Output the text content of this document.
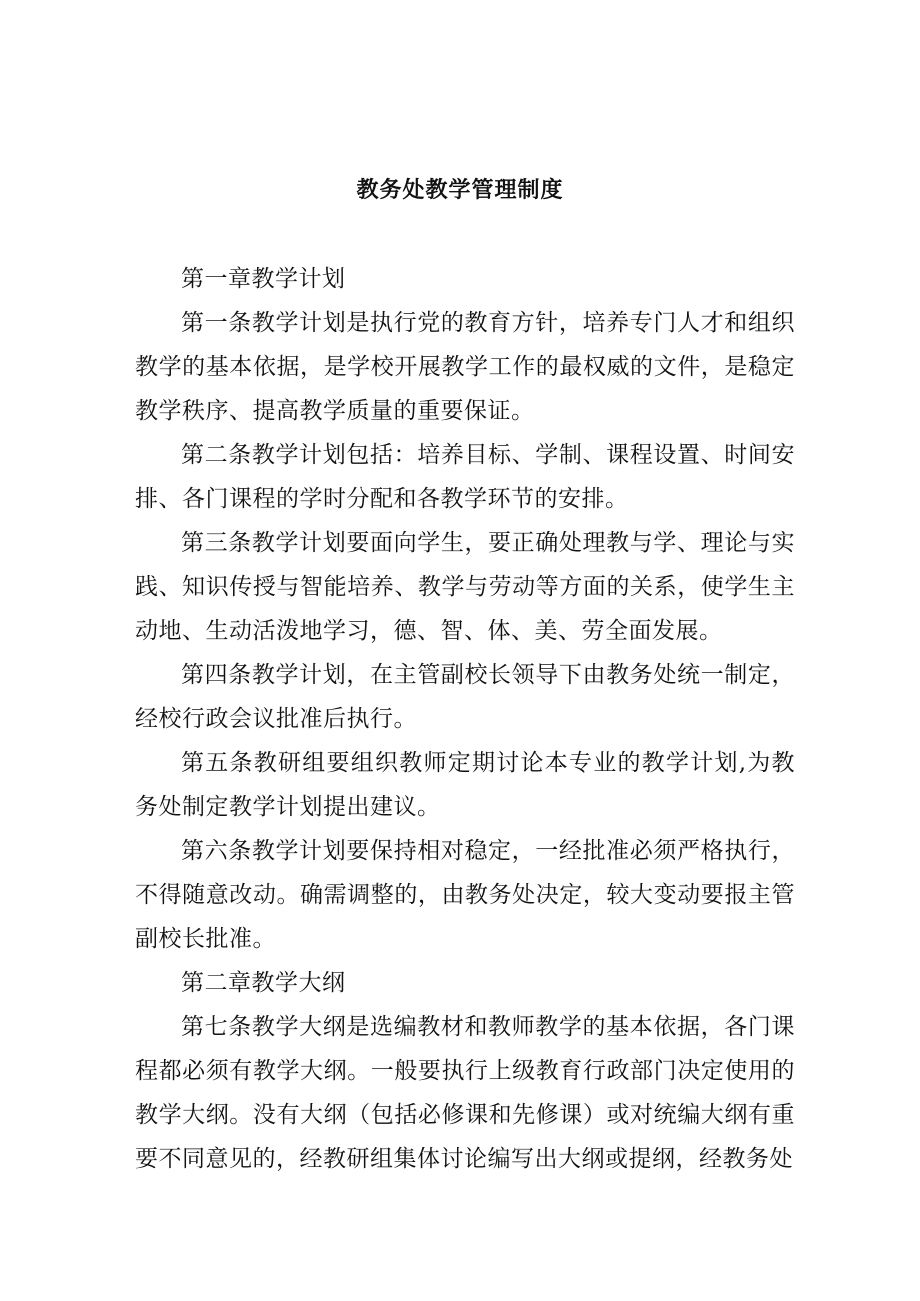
教务处教学管理制度

第一章教学计划

第一条教学计划是执行党的教育方针，培养专门人才和组织教学的基本依据，是学校开展教学工作的最权威的文件，是稳定教学秩序、提高教学质量的重要保证。

第二条教学计划包括：培养目标、学制、课程设置、时间安排、各门课程的学时分配和各教学环节的安排。

第三条教学计划要面向学生，要正确处理教与学、理论与实践、知识传授与智能培养、教学与劳动等方面的关系，使学生主动地、生动活泼地学习，德、智、体、美、劳全面发展。

第四条教学计划，在主管副校长领导下由教务处统一制定，经校行政会议批准后执行。

第五条教研组要组织教师定期讨论本专业的教学计划,为教务处制定教学计划提出建议。

第六条教学计划要保持相对稳定，一经批准必须严格执行，不得随意改动。确需调整的，由教务处决定，较大变动要报主管副校长批准。

第二章教学大纲

第七条教学大纲是选编教材和教师教学的基本依据，各门课程都必须有教学大纲。一般要执行上级教育行政部门决定使用的教学大纲。没有大纲（包括必修课和先修课）或对统编大纲有重要不同意见的，经教研组集体讨论编写出大纲或提纲，经教务处
